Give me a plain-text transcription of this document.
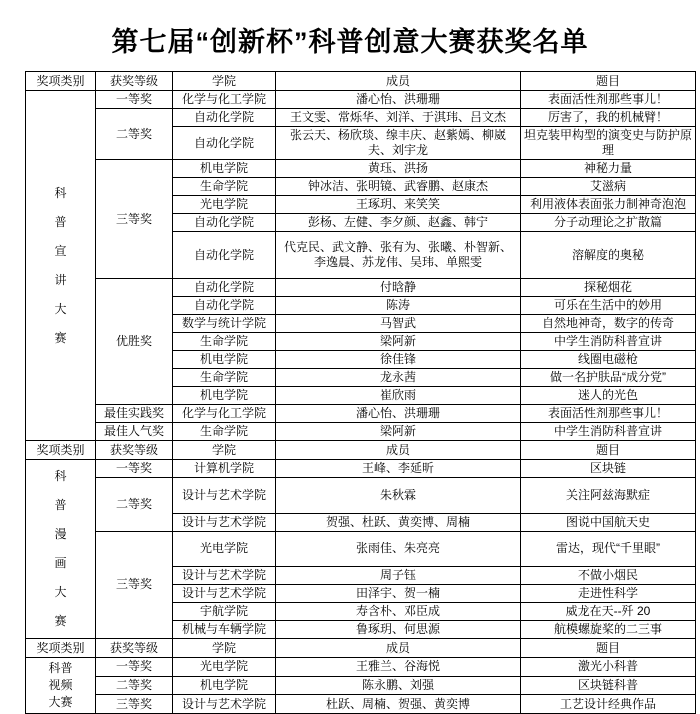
第七届“创新杯”科普创意大赛获奖名单
奖项类别	获奖等级	学院	成员	题目

科
普
宣
讲
大
赛
	一等奖	化学与化工学院	潘心怡、洪珊珊	表面活性剂那些事儿！
	二等奖	自动化学院	王文雯、常烁华、刘洋、于淇玮、吕文杰	厉害了，我的机械臂！
		自动化学院	张云天、杨欣琰、缐丰庆、赵紫嫣、柳崴夫、刘宇龙	坦克装甲构型的演变史与防护原理
	三等奖	机电学院	黄珏、洪扬	神秘力量
		生命学院	钟冰洁、张明镜、武睿鹏、赵康杰	艾滋病
		光电学院	王琢玥、来笑笑	利用液体表面张力制神奇泡泡
		自动化学院	彭杨、左健、李夕颜、赵鑫、韩宁	分子动理论之扩散篇
		自动化学院	代克民、武文静、张有为、张曦、朴智新、李逸晨、苏龙伟、吴玮、单熙雯	溶解度的奥秘
	优胜奖	自动化学院	付晗静	探秘烟花
		自动化学院	陈涛	可乐在生活中的妙用
		数学与统计学院	马智武	自然地神奇，数字的传奇
		生命学院	梁阿新	中学生消防科普宣讲
		机电学院	徐佳锋	线圈电磁枪
		生命学院	龙永茜	做一名护肤品“成分党”
		机电学院	崔欣雨	迷人的光色
	最佳实践奖	化学与化工学院	潘心怡、洪珊珊	表面活性剂那些事儿！
	最佳人气奖	生命学院	梁阿新	中学生消防科普宣讲
奖项类别	获奖等级	学院	成员	题目

科
普
漫
画
大
赛
	一等奖	计算机学院	王峰、李延昕	区块链
	二等奖	设计与艺术学院	朱秋霖	关注阿兹海默症
		设计与艺术学院	贺强、杜跃、黄奕博、周楠	图说中国航天史
	三等奖	光电学院	张雨佳、朱亮亮	雷达，现代“千里眼”
		设计与艺术学院	周子钰	不做小烟民
		设计与艺术学院	田泽宇、贺一楠	走进性科学
		宇航学院	寿含朴、邓臣成	威龙在天--歼 20
		机械与车辆学院	鲁琢玥、何思源	航模螺旋桨的二三事
奖项类别	获奖等级	学院	成员	题目

科普
视频
大赛	一等奖	光电学院	王雅兰、谷海悦	激光小科普
	二等奖	机电学院	陈永鹏、刘强	区块链科普
	三等奖	设计与艺术学院	杜跃、周楠、贺强、黄奕博	工艺设计经典作品
